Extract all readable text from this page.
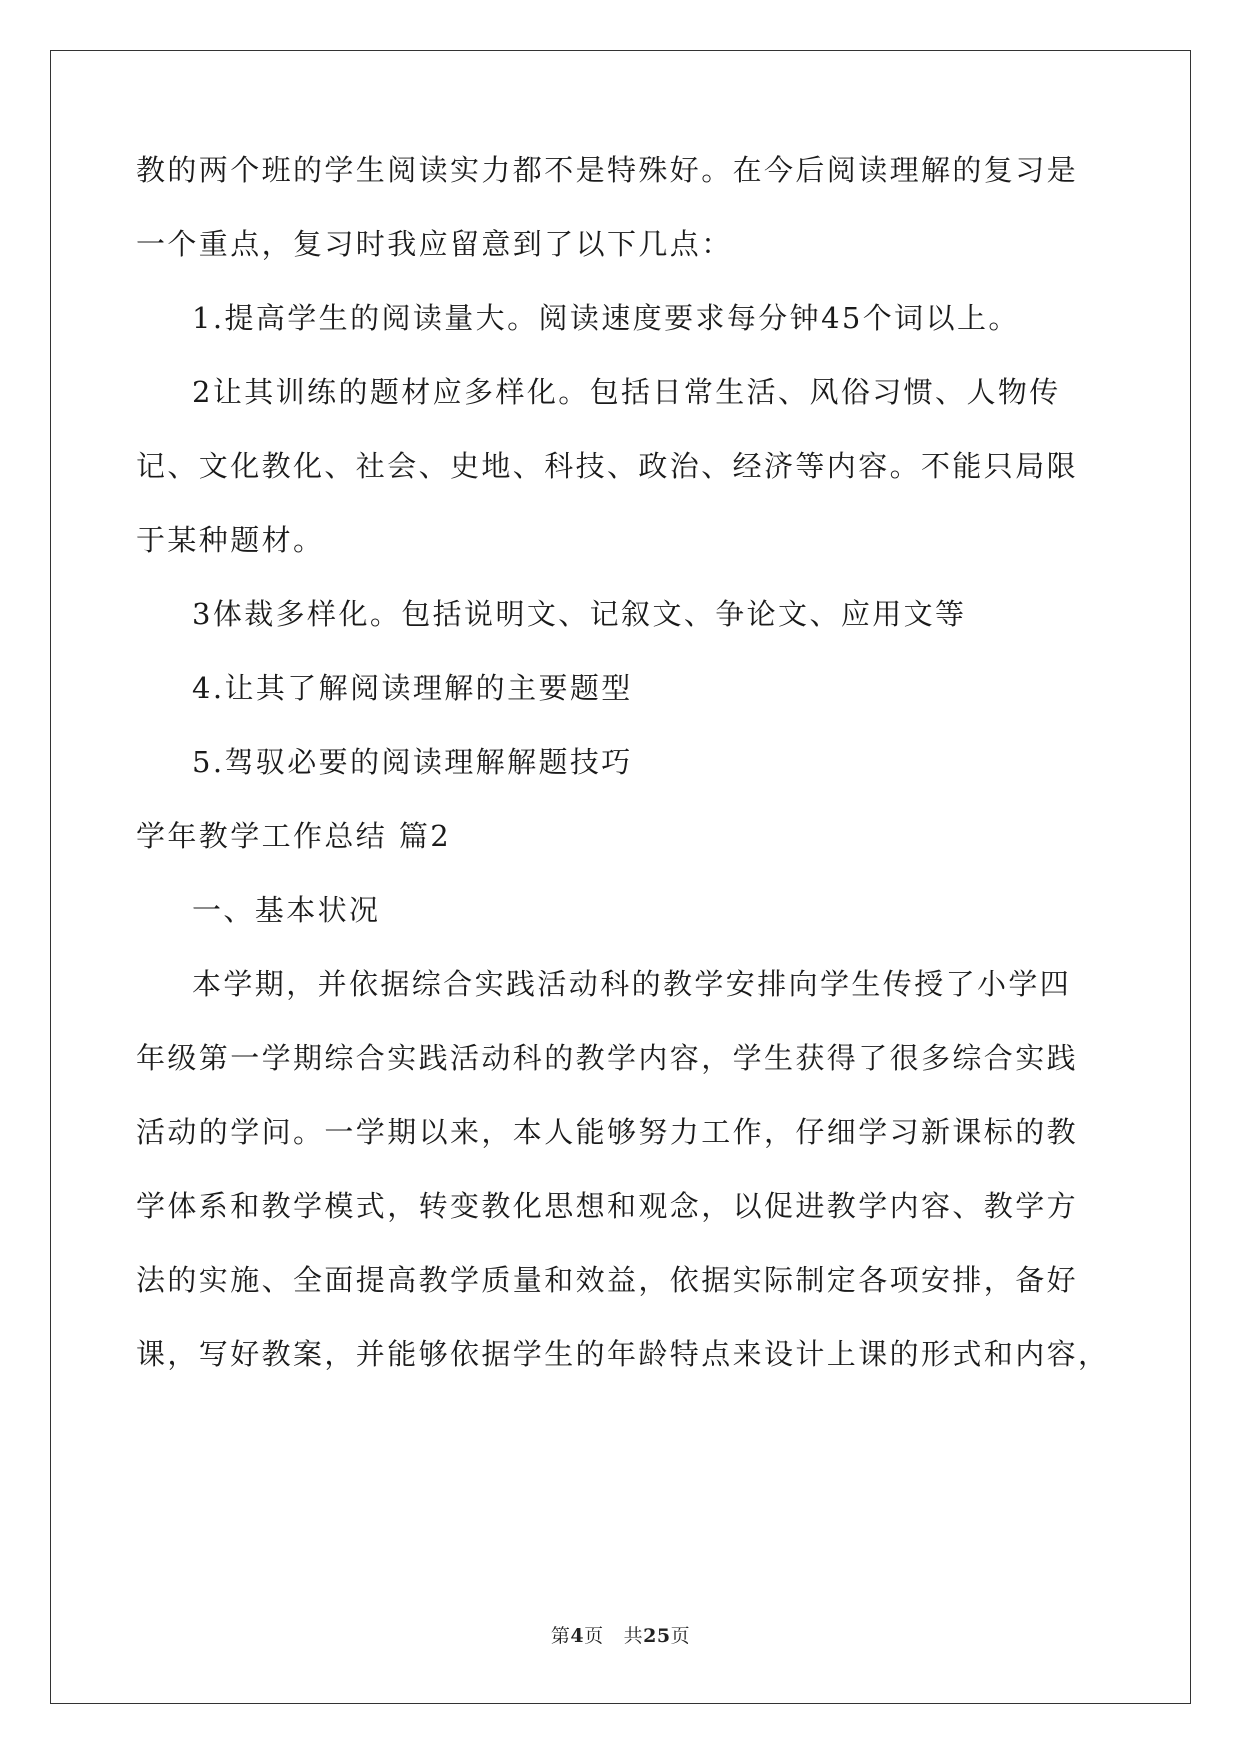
教的两个班的学生阅读实力都不是特殊好。在今后阅读理解的复习是
一个重点，复习时我应留意到了以下几点：
1.提高学生的阅读量大。阅读速度要求每分钟45个词以上。
2让其训练的题材应多样化。包括日常生活、风俗习惯、人物传
记、文化教化、社会、史地、科技、政治、经济等内容。不能只局限
于某种题材。
3体裁多样化。包括说明文、记叙文、争论文、应用文等
4.让其了解阅读理解的主要题型
5.驾驭必要的阅读理解解题技巧
学年教学工作总结 篇2
一、基本状况
本学期，并依据综合实践活动科的教学安排向学生传授了小学四
年级第一学期综合实践活动科的教学内容，学生获得了很多综合实践
活动的学问。一学期以来，本人能够努力工作，仔细学习新课标的教
学体系和教学模式，转变教化思想和观念，以促进教学内容、教学方
法的实施、全面提高教学质量和效益，依据实际制定各项安排，备好
课，写好教案，并能够依据学生的年龄特点来设计上课的形式和内容，
第4页 共25页
